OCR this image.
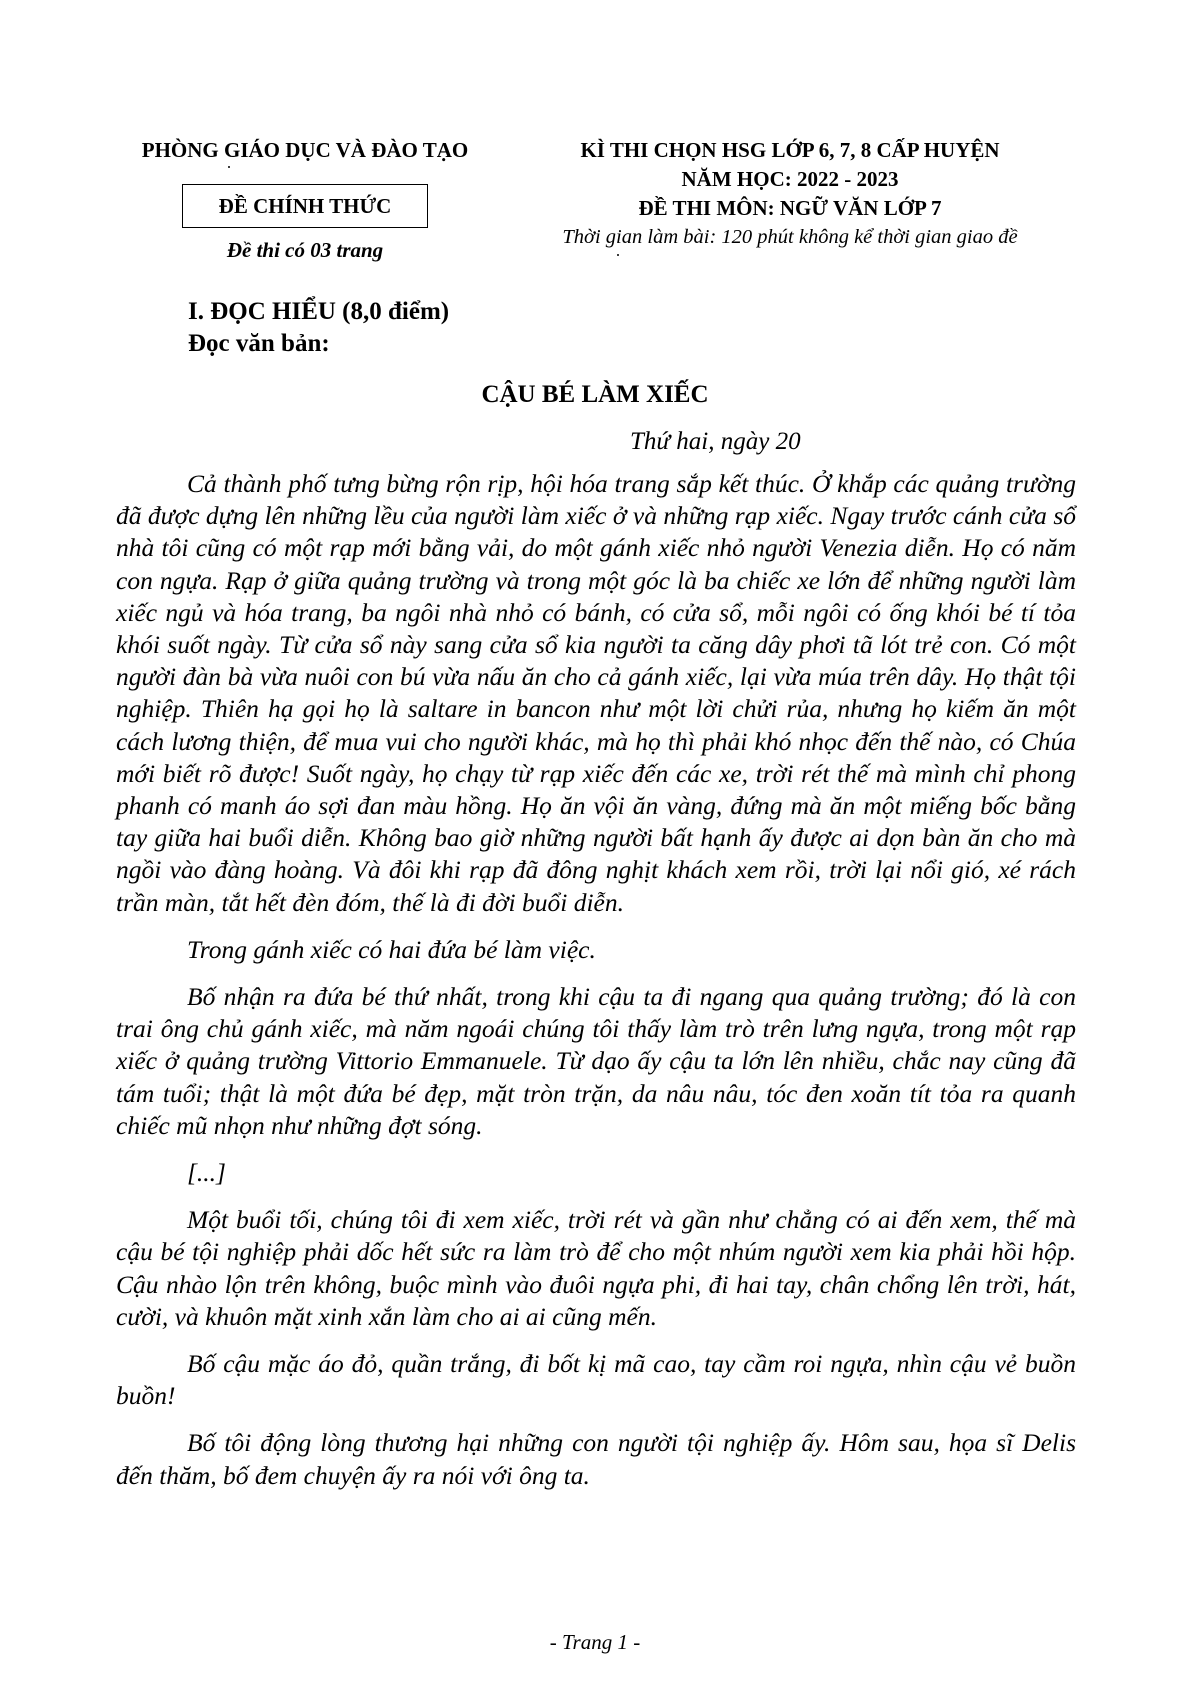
PHÒNG GIÁO DỤC VÀ ĐÀO TẠO
ĐỀ CHÍNH THỨC
Đề thi có 03 trang
KÌ THI CHỌN HSG LỚP 6, 7, 8 CẤP HUYỆN
NĂM HỌC: 2022 - 2023
ĐỀ THI MÔN: NGỮ VĂN LỚP 7
Thời gian làm bài: 120 phút không kể thời gian giao đề
I. ĐỌC HIỂU (8,0 điểm)
Đọc văn bản:
CẬU BÉ LÀM XIẾC
Thứ hai, ngày 20

Cả thành phố tưng bừng rộn rịp, hội hóa trang sắp kết thúc. Ở khắp các quảng trường đã được dựng lên những lều của người làm xiếc ở và những rạp xiếc. Ngay trước cánh cửa sổ nhà tôi cũng có một rạp mới bằng vải, do một gánh xiếc nhỏ người Venezia diễn. Họ có năm con ngựa. Rạp ở giữa quảng trường và trong một góc là ba chiếc xe lớn để những người làm xiếc ngủ và hóa trang, ba ngôi nhà nhỏ có bánh, có cửa sổ, mỗi ngôi có ống khói bé tí tỏa khói suốt ngày. Từ cửa sổ này sang cửa sổ kia người ta căng dây phơi tã lót trẻ con. Có một người đàn bà vừa nuôi con bú vừa nấu ăn cho cả gánh xiếc, lại vừa múa trên dây. Họ thật tội nghiệp. Thiên hạ gọi họ là saltare in bancon như một lời chửi rủa, nhưng họ kiếm ăn một cách lương thiện, để mua vui cho người khác, mà họ thì phải khó nhọc đến thế nào, có Chúa mới biết rõ được! Suốt ngày, họ chạy từ rạp xiếc đến các xe, trời rét thế mà mình chỉ phong phanh có manh áo sợi đan màu hồng. Họ ăn vội ăn vàng, đứng mà ăn một miếng bốc bằng tay giữa hai buổi diễn. Không bao giờ những người bất hạnh ấy được ai dọn bàn ăn cho mà ngồi vào đàng hoàng. Và đôi khi rạp đã đông nghịt khách xem rồi, trời lại nổi gió, xé rách trần màn, tắt hết đèn đóm, thế là đi đời buổi diễn.

Trong gánh xiếc có hai đứa bé làm việc.

Bố nhận ra đứa bé thứ nhất, trong khi cậu ta đi ngang qua quảng trường; đó là con trai ông chủ gánh xiếc, mà năm ngoái chúng tôi thấy làm trò trên lưng ngựa, trong một rạp xiếc ở quảng trường Vittorio Emmanuele. Từ dạo ấy cậu ta lớn lên nhiều, chắc nay cũng đã tám tuổi; thật là một đứa bé đẹp, mặt tròn trặn, da nâu nâu, tóc đen xoăn tít tỏa ra quanh chiếc mũ nhọn như những đợt sóng.

[...]

Một buổi tối, chúng tôi đi xem xiếc, trời rét và gần như chẳng có ai đến xem, thế mà cậu bé tội nghiệp phải dốc hết sức ra làm trò để cho một nhúm người xem kia phải hồi hộp. Cậu nhào lộn trên không, buộc mình vào đuôi ngựa phi, đi hai tay, chân chổng lên trời, hát, cười, và khuôn mặt xinh xắn làm cho ai ai cũng mến.

Bố cậu mặc áo đỏ, quần trắng, đi bốt kị mã cao, tay cầm roi ngựa, nhìn cậu vẻ buồn buồn!

Bố tôi động lòng thương hại những con người tội nghiệp ấy. Hôm sau, họa sĩ Delis đến thăm, bố đem chuyện ấy ra nói với ông ta.

- Trang 1 -
